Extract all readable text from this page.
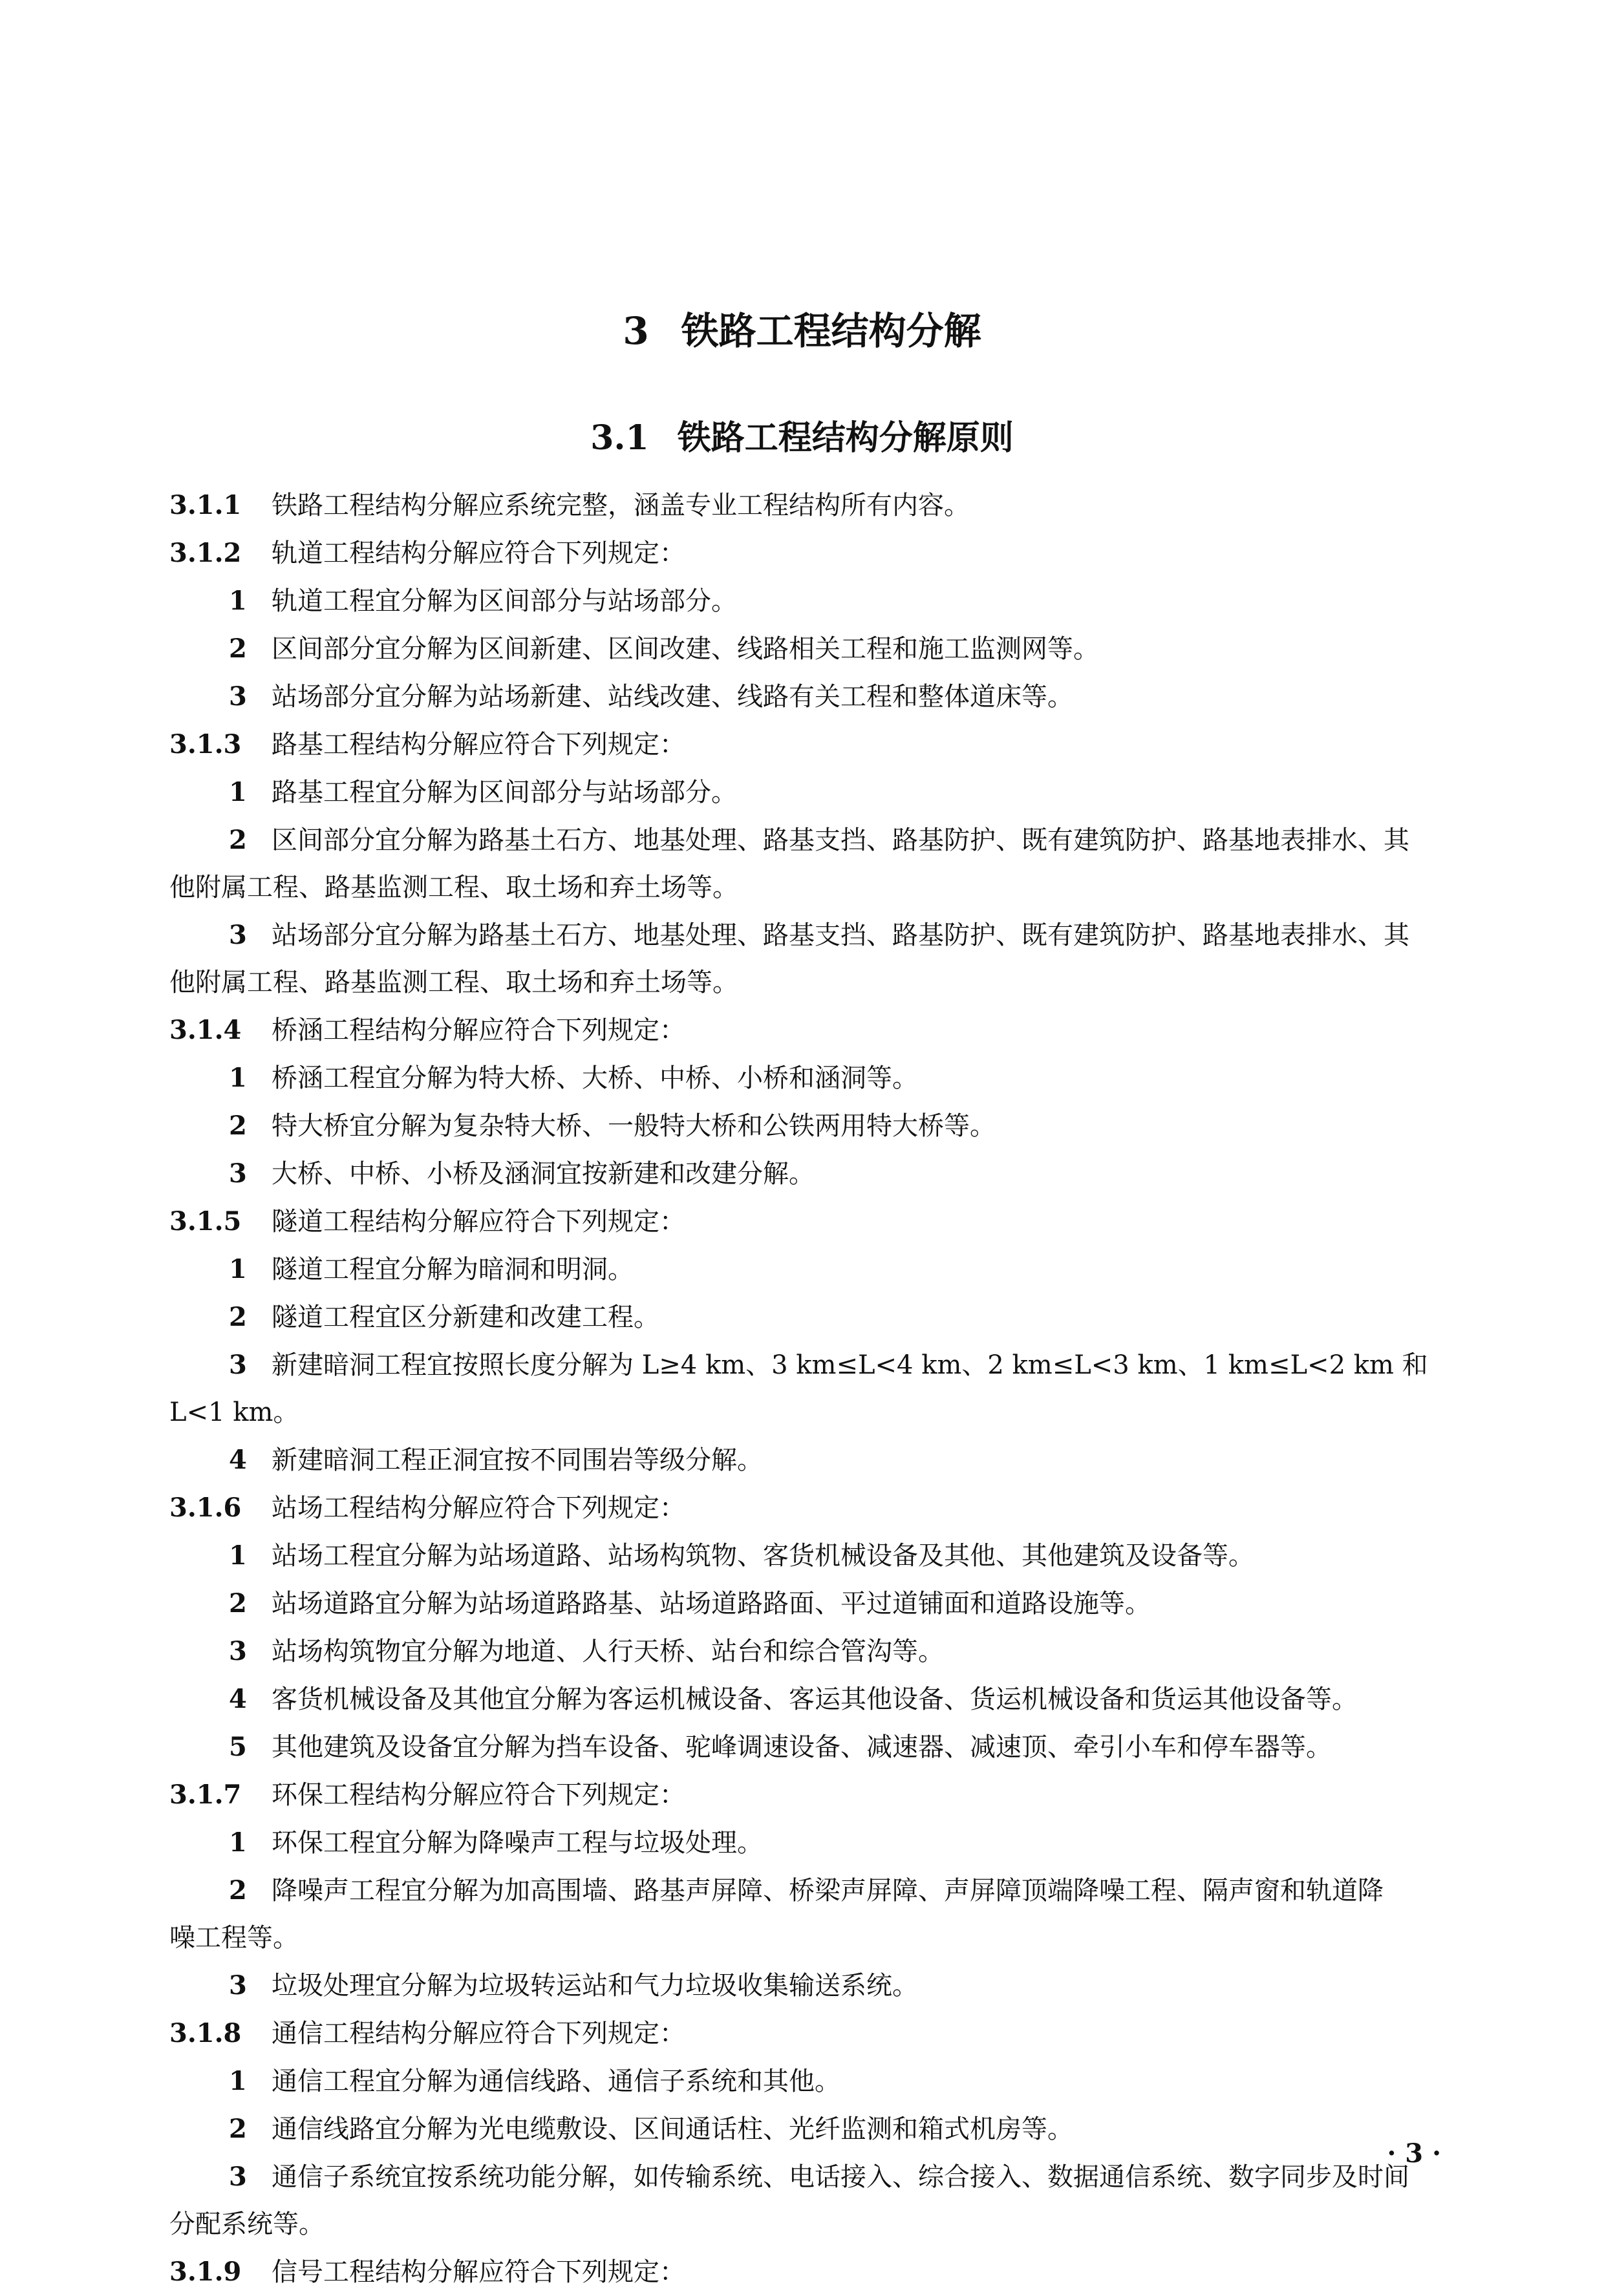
3 铁路工程结构分解
3.1 铁路工程结构分解原则

3.1.1 铁路工程结构分解应系统完整，涵盖专业工程结构所有内容。

3.1.2 轨道工程结构分解应符合下列规定：

1 轨道工程宜分解为区间部分与站场部分。

2 区间部分宜分解为区间新建、区间改建、线路相关工程和施工监测网等。

3 站场部分宜分解为站场新建、站线改建、线路有关工程和整体道床等。

3.1.3 路基工程结构分解应符合下列规定：

1 路基工程宜分解为区间部分与站场部分。

2 区间部分宜分解为路基土石方、地基处理、路基支挡、路基防护、既有建筑防护、路基地表排水、其

他附属工程、路基监测工程、取土场和弃土场等。

3 站场部分宜分解为路基土石方、地基处理、路基支挡、路基防护、既有建筑防护、路基地表排水、其

他附属工程、路基监测工程、取土场和弃土场等。

3.1.4 桥涵工程结构分解应符合下列规定：

1 桥涵工程宜分解为特大桥、大桥、中桥、小桥和涵洞等。

2 特大桥宜分解为复杂特大桥、一般特大桥和公铁两用特大桥等。

3 大桥、中桥、小桥及涵洞宜按新建和改建分解。

3.1.5 隧道工程结构分解应符合下列规定：

1 隧道工程宜分解为暗洞和明洞。

2 隧道工程宜区分新建和改建工程。

3 新建暗洞工程宜按照长度分解为 L≥4 km、3 km≤L<4 km、2 km≤L<3 km、1 km≤L<2 km 和

L<1 km。

4 新建暗洞工程正洞宜按不同围岩等级分解。

3.1.6 站场工程结构分解应符合下列规定：

1 站场工程宜分解为站场道路、站场构筑物、客货机械设备及其他、其他建筑及设备等。

2 站场道路宜分解为站场道路路基、站场道路路面、平过道铺面和道路设施等。

3 站场构筑物宜分解为地道、人行天桥、站台和综合管沟等。

4 客货机械设备及其他宜分解为客运机械设备、客运其他设备、货运机械设备和货运其他设备等。

5 其他建筑及设备宜分解为挡车设备、驼峰调速设备、减速器、减速顶、牵引小车和停车器等。

3.1.7 环保工程结构分解应符合下列规定：

1 环保工程宜分解为降噪声工程与垃圾处理。

2 降噪声工程宜分解为加高围墙、路基声屏障、桥梁声屏障、声屏障顶端降噪工程、隔声窗和轨道降

噪工程等。

3 垃圾处理宜分解为垃圾转运站和气力垃圾收集输送系统。

3.1.8 通信工程结构分解应符合下列规定：

1 通信工程宜分解为通信线路、通信子系统和其他。

2 通信线路宜分解为光电缆敷设、区间通话柱、光纤监测和箱式机房等。

3 通信子系统宜按系统功能分解，如传输系统、电话接入、综合接入、数据通信系统、数字同步及时间

分配系统等。

3.1.9 信号工程结构分解应符合下列规定：

· 3 ·
